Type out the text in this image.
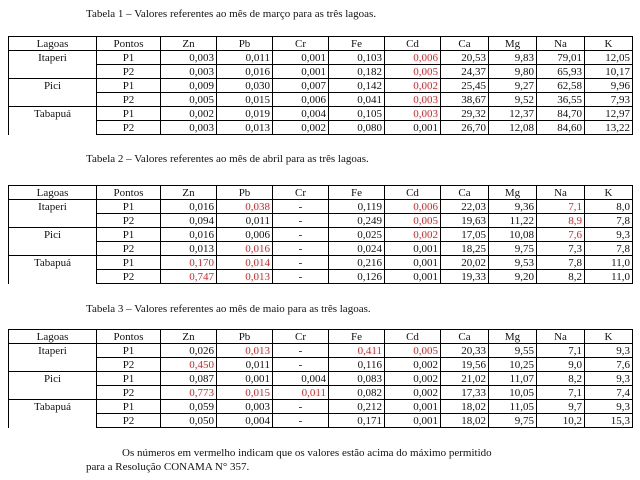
Tabela 1 – Valores referentes ao mês de março para as três lagoas.
Lagoas	Pontos	Zn	Pb	Cr	Fe	Cd	Ca	Mg	Na	K
Itaperi	P1	0,003	0,011	0,001	0,103	0,006	20,53	9,83	79,01	12,05
	P2	0,003	0,016	0,001	0,182	0,005	24,37	9,80	65,93	10,17
Pici	P1	0,009	0,030	0,007	0,142	0,002	25,45	9,27	62,58	9,96
	P2	0,005	0,015	0,006	0,041	0,003	38,67	9,52	36,55	7,93
Tabapuá	P1	0,002	0,019	0,004	0,105	0,003	29,32	12,37	84,70	12,97
	P2	0,003	0,013	0,002	0,080	0,001	26,70	12,08	84,60	13,22
Tabela 2 – Valores referentes ao mês de abril para as três lagoas.
Lagoas	Pontos	Zn	Pb	Cr	Fe	Cd	Ca	Mg	Na	K
Itaperi	P1	0,016	0,038	-	0,119	0,006	22,03	9,36	7,1	8,0
	P2	0,094	0,011	-	0,249	0,005	19,63	11,22	8,9	7,8
Pici	P1	0,016	0,006	-	0,025	0,002	17,05	10,08	7,6	9,3
	P2	0,013	0,016	-	0,024	0,001	18,25	9,75	7,3	7,8
Tabapuá	P1	0,170	0,014	-	0,216	0,001	20,02	9,53	7,8	11,0
	P2	0,747	0,013	-	0,126	0,001	19,33	9,20	8,2	11,0
Tabela 3 – Valores referentes ao mês de maio para as três lagoas.
Lagoas	Pontos	Zn	Pb	Cr	Fe	Cd	Ca	Mg	Na	K
Itaperi	P1	0,026	0,013	-	0,411	0,005	20,33	9,55	7,1	9,3
	P2	0,450	0,011	-	0,116	0,002	19,56	10,25	9,0	7,6
Pici	P1	0,087	0,001	0,004	0,083	0,002	21,02	11,07	8,2	9,3
	P2	0,773	0,015	0,011	0,082	0,002	17,33	10,05	7,1	7,4
Tabapuá	P1	0,059	0,003	-	0,212	0,001	18,02	11,05	9,7	9,3
	P2	0,050	0,004	-	0,171	0,001	18,02	9,75	10,2	15,3
Os números em vermelho indicam que os valores estão acima do máximo permitido
para a Resolução CONAMA N° 357.
